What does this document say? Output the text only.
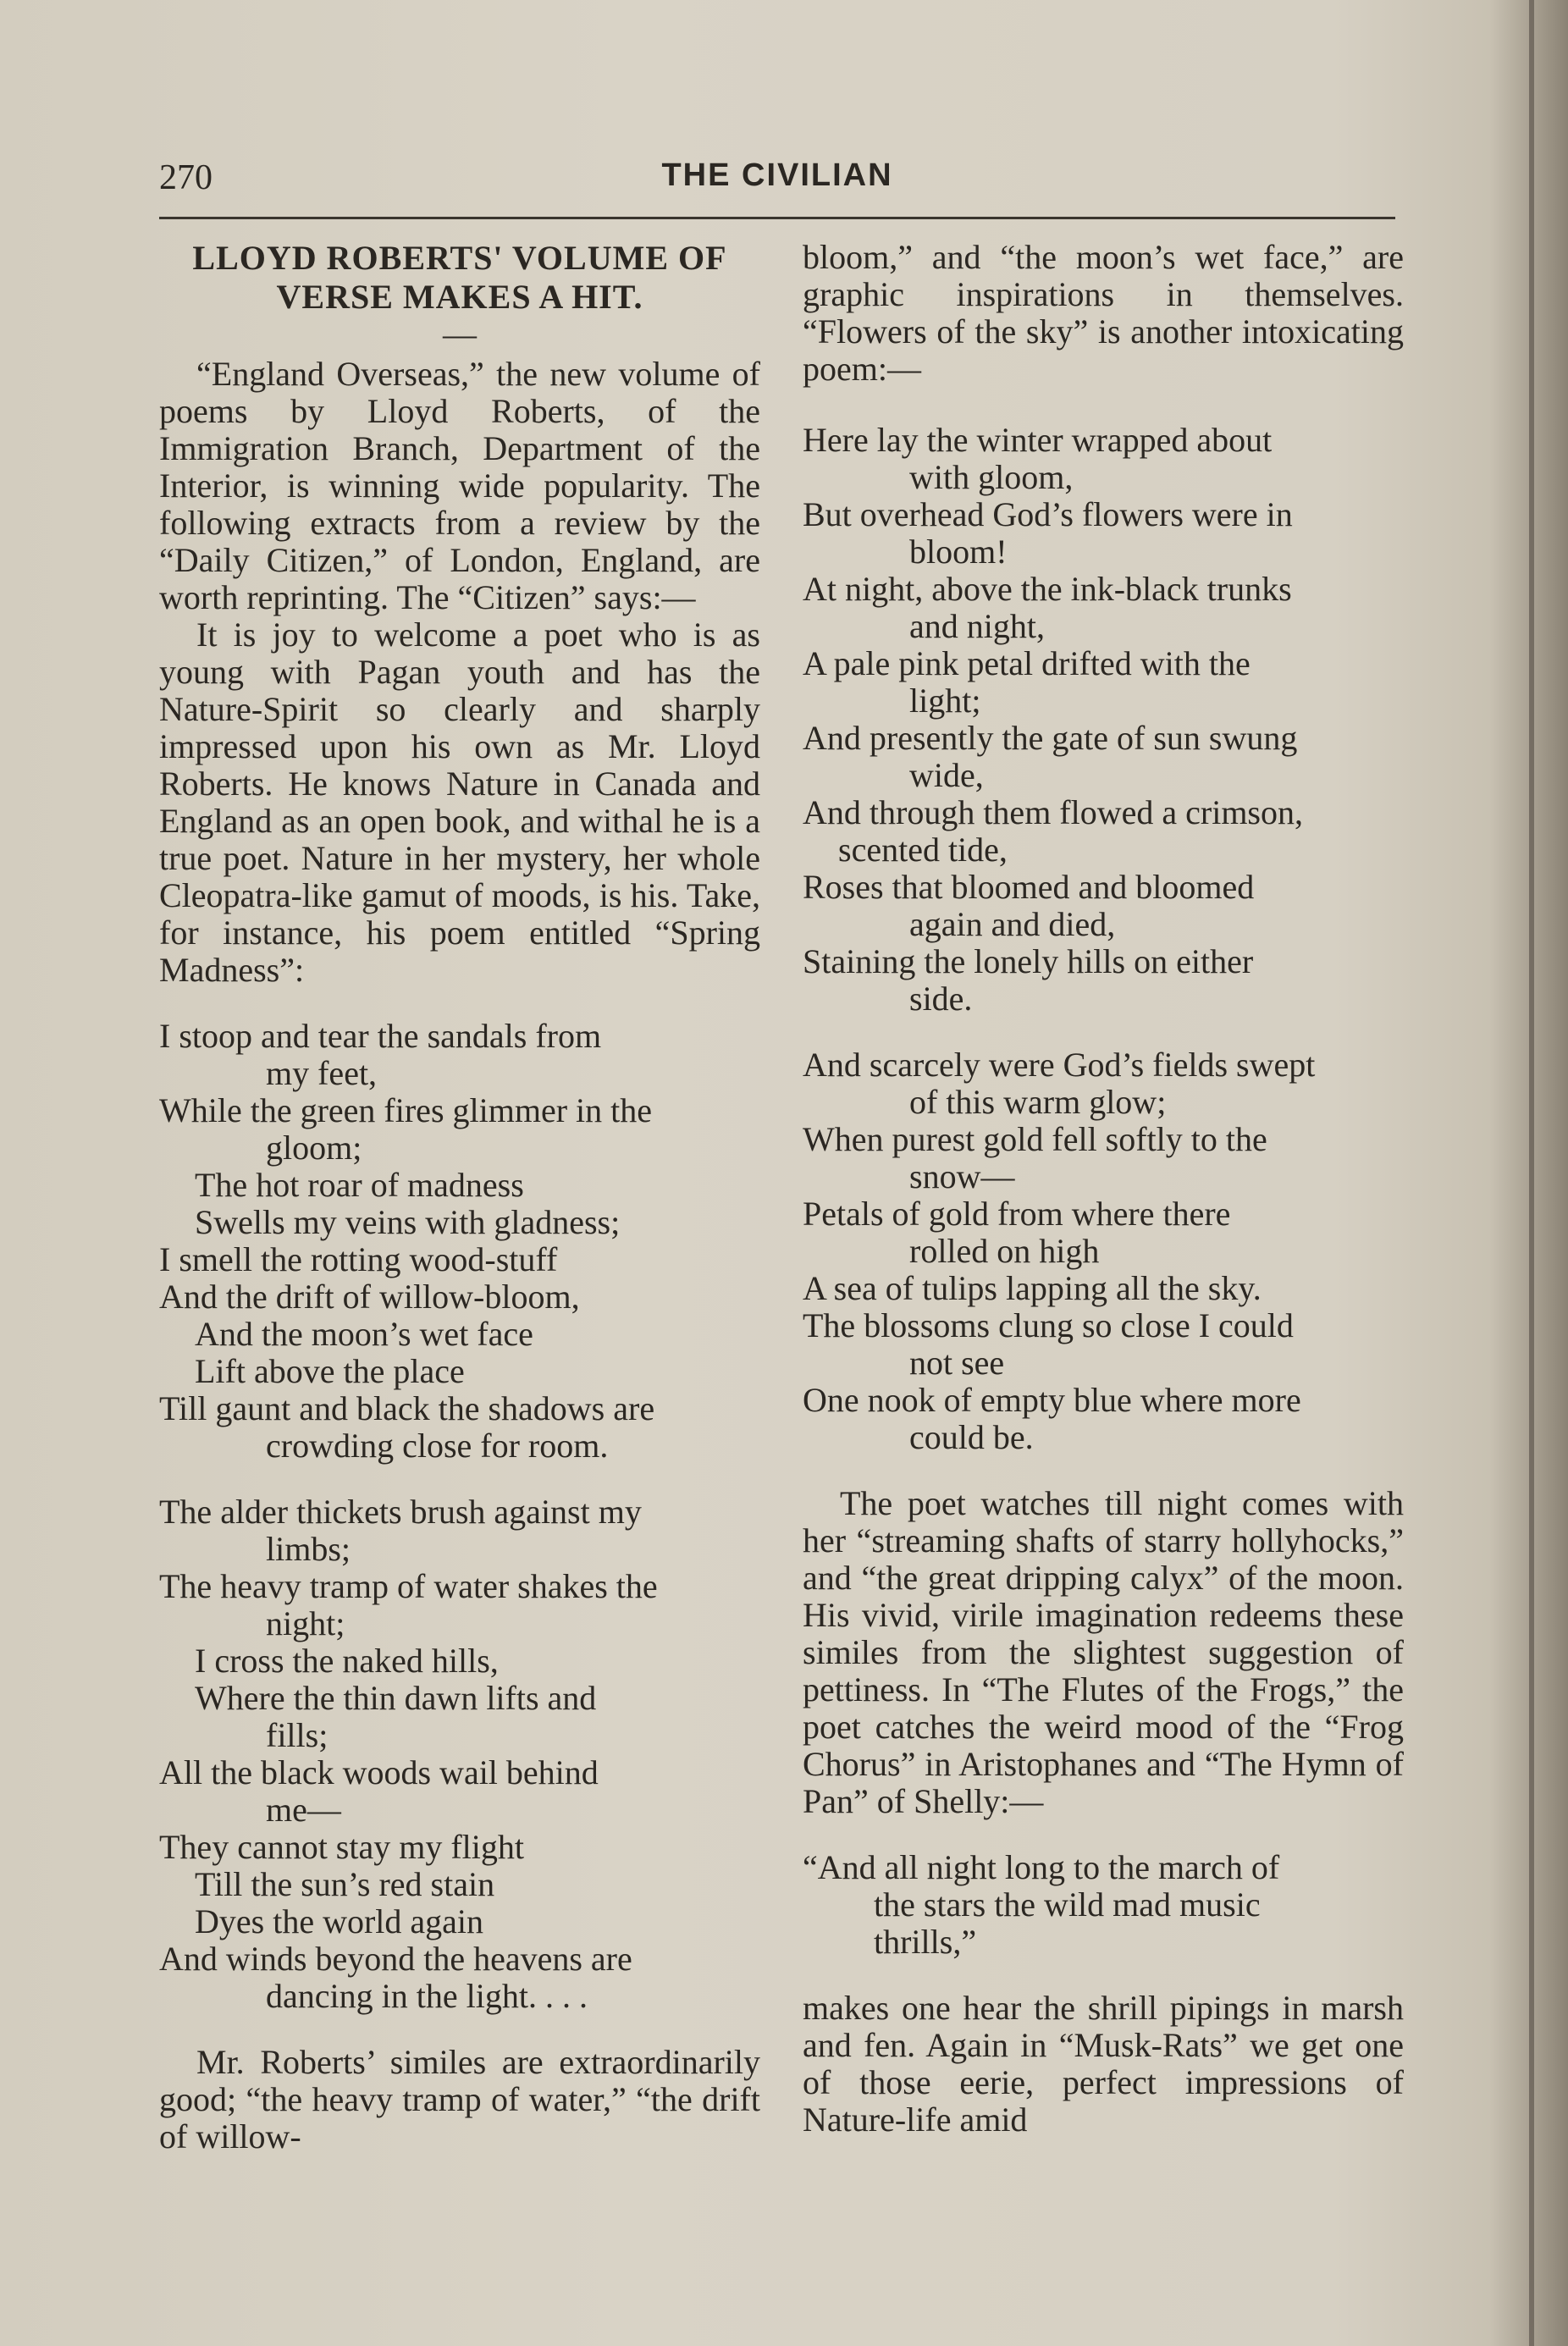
270	THE CIVILIAN
LLOYD ROBERTS' VOLUME OF
VERSE MAKES A HIT.
—

“England Overseas,” the new volume of poems by Lloyd Roberts, of the Immigration Branch, Department of the Interior, is winning wide popularity. The following extracts from a review by the “Daily Citizen,” of London, England, are worth reprinting. The “Citizen” says:—

It is joy to welcome a poet who is as young with Pagan youth and has the Nature-Spirit so clearly and sharply impressed upon his own as Mr. Lloyd Roberts. He knows Nature in Canada and England as an open book, and withal he is a true poet. Nature in her mystery, her whole Cleopatra-like gamut of moods, is his. Take, for instance, his poem entitled “Spring Madness”:

I stoop and tear the sandals from
my feet,
While the green fires glimmer in the
gloom;
The hot roar of madness
Swells my veins with gladness;
I smell the rotting wood-stuff
And the drift of willow-bloom,
And the moon’s wet face
Lift above the place
Till gaunt and black the shadows are
crowding close for room.
The alder thickets brush against my
limbs;
The heavy tramp of water shakes the
night;
I cross the naked hills,
Where the thin dawn lifts and
fills;
All the black woods wail behind
me—
They cannot stay my flight
Till the sun’s red stain
Dyes the world again
And winds beyond the heavens are
dancing in the light. . . .

Mr. Roberts’ similes are extraordinarily good; “the heavy tramp of water,” “the drift of willow-

bloom,” and “the moon’s wet face,” are graphic inspirations in themselves. “Flowers of the sky” is another intoxicating poem:—

Here lay the winter wrapped about
with gloom,
But overhead God’s flowers were in
bloom!
At night, above the ink-black trunks
and night,
A pale pink petal drifted with the
light;
And presently the gate of sun swung
wide,
And through them flowed a crimson,
scented tide,
Roses that bloomed and bloomed
again and died,
Staining the lonely hills on either
side.
And scarcely were God’s fields swept
of this warm glow;
When purest gold fell softly to the
snow—
Petals of gold from where there
rolled on high
A sea of tulips lapping all the sky.
The blossoms clung so close I could
not see
One nook of empty blue where more
could be.

The poet watches till night comes with her “streaming shafts of starry hollyhocks,” and “the great dripping calyx” of the moon. His vivid, virile imagination redeems these similes from the slightest suggestion of pettiness. In “The Flutes of the Frogs,” the poet catches the weird mood of the “Frog Chorus” in Aristophanes and “The Hymn of Pan” of Shelly:—

“And all night long to the march of
the stars the wild mad music
thrills,”

makes one hear the shrill pipings in marsh and fen. Again in “Musk-Rats” we get one of those eerie, perfect impressions of Nature-life amid
